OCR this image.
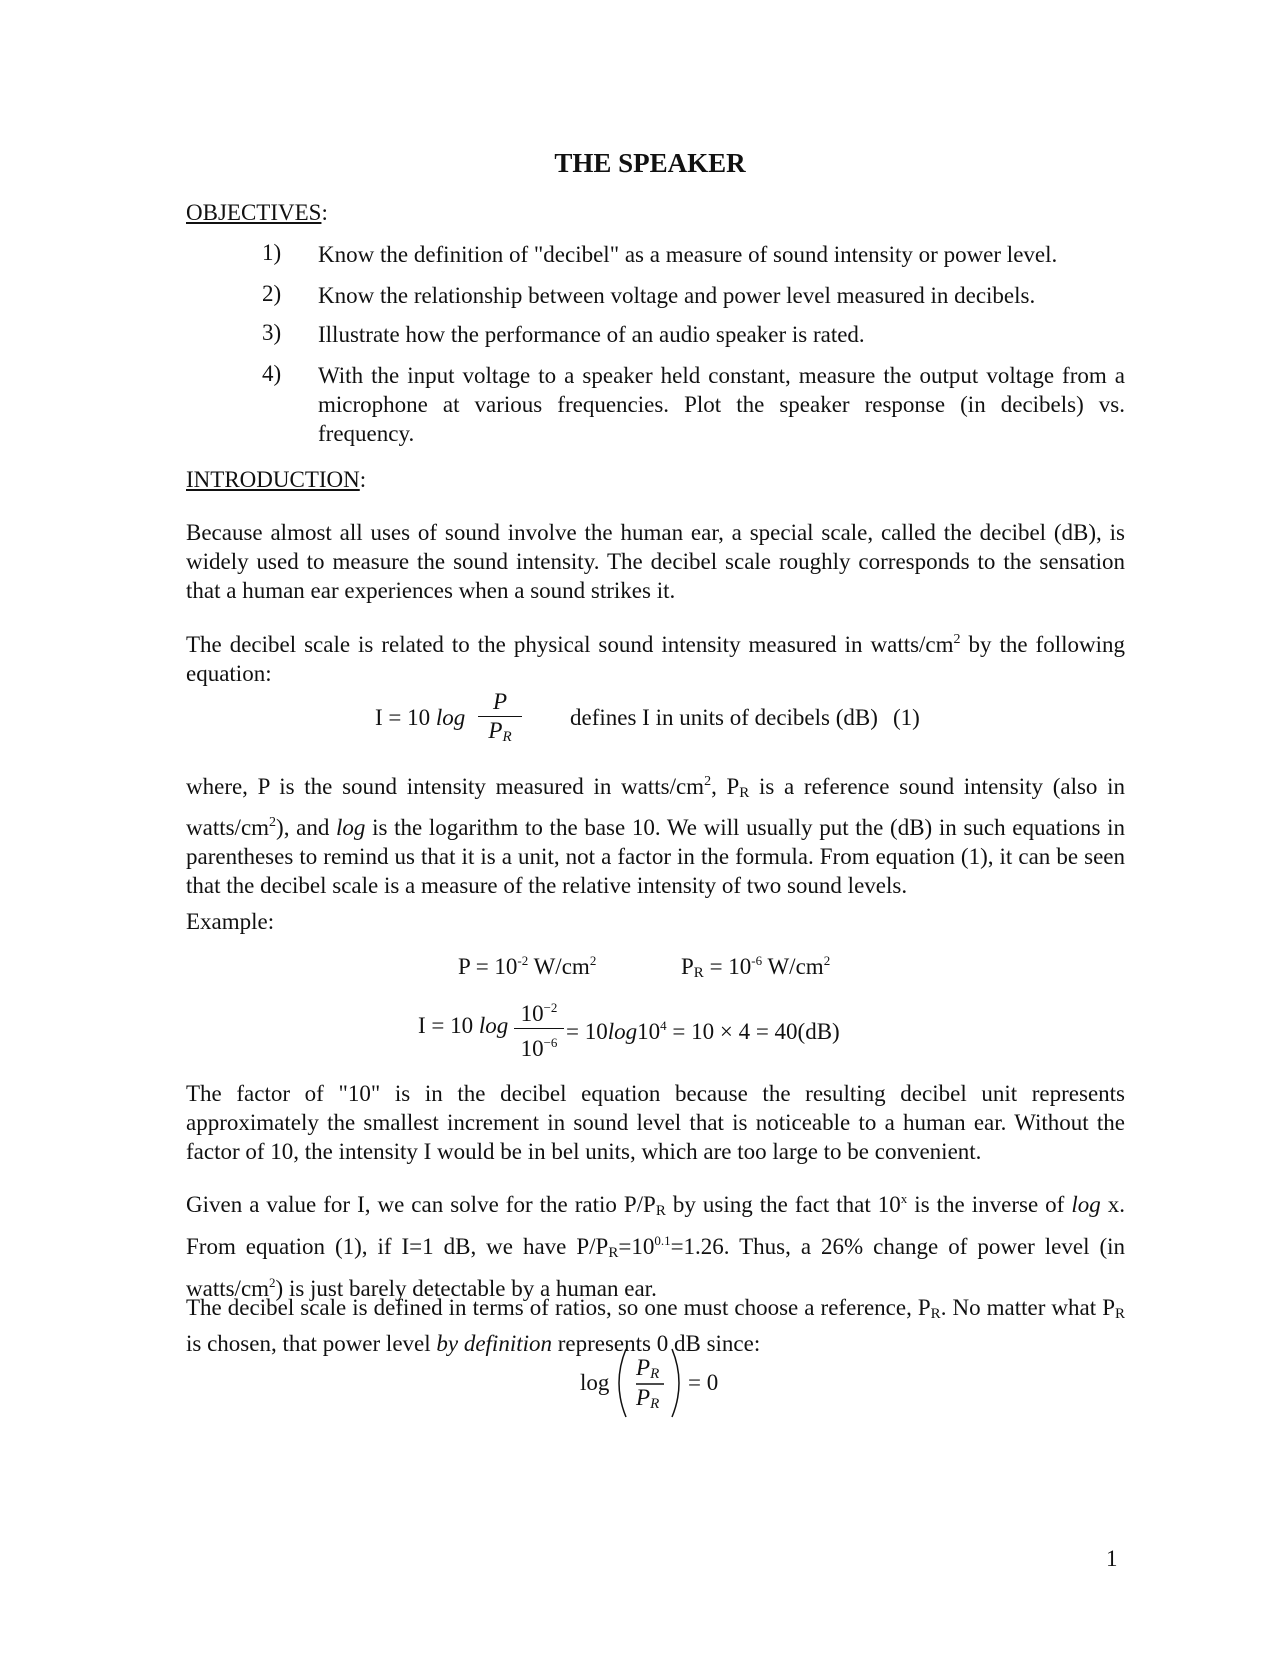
THE SPEAKER
OBJECTIVES:
1) Know the definition of "decibel" as a measure of sound intensity or power level.
2) Know the relationship between voltage and power level measured in decibels.
3) Illustrate how the performance of an audio speaker is rated.
4) With the input voltage to a speaker held constant, measure the output voltage from a microphone at various frequencies. Plot the speaker response (in decibels) vs. frequency.
INTRODUCTION:
Because almost all uses of sound involve the human ear, a special scale, called the decibel (dB), is widely used to measure the sound intensity. The decibel scale roughly corresponds to the sensation that a human ear experiences when a sound strikes it.
The decibel scale is related to the physical sound intensity measured in watts/$cm^2$ by the following equation:
I = 10 log
P
$P_R$
defines I in units of decibels (dB) (1)
where, P is the sound intensity measured in watts/$cm^2$, $P_R$ is a reference sound intensity (also in watts/$cm^2$), and log is the logarithm to the base 10. We will usually put the (dB) in such equations in parentheses to remind us that it is a unit, not a factor in the formula. From equation (1), it can be seen that the decibel scale is a measure of the relative intensity of two sound levels.
Example:
$P = 10^{-2}$ $W/cm^2$	$P_R = 10^{-6}$ $W/cm^2$
I = 10 $\log 10^{-2}$
$10^{-6} = 10\log 10^4 = 10 \times 4 = 40(dB)$
The factor of "10" is in the decibel equation because the resulting decibel unit represents approximately the smallest increment in sound level that is noticeable to a human ear. Without the factor of 10, the intensity I would be in bel units, which are too large to be convenient.
Given a value for I, we can solve for the ratio $P/P_R$ by using the fact that 10$^x$ is the inverse of log x. From equation (1), if I=1 dB, we have $P/P_R=10^{0.1}=1.26$. Thus, a 26% change of power level (in watts/$cm^2$) is just barely detectable by a human ear.
The decibel scale is defined in terms of ratios, so one must choose a reference, $P_R$. No matter what $P_R$ is chosen, that power level by definition represents 0 dB since:
log
$P_R$
$P_R$
= 0
1
